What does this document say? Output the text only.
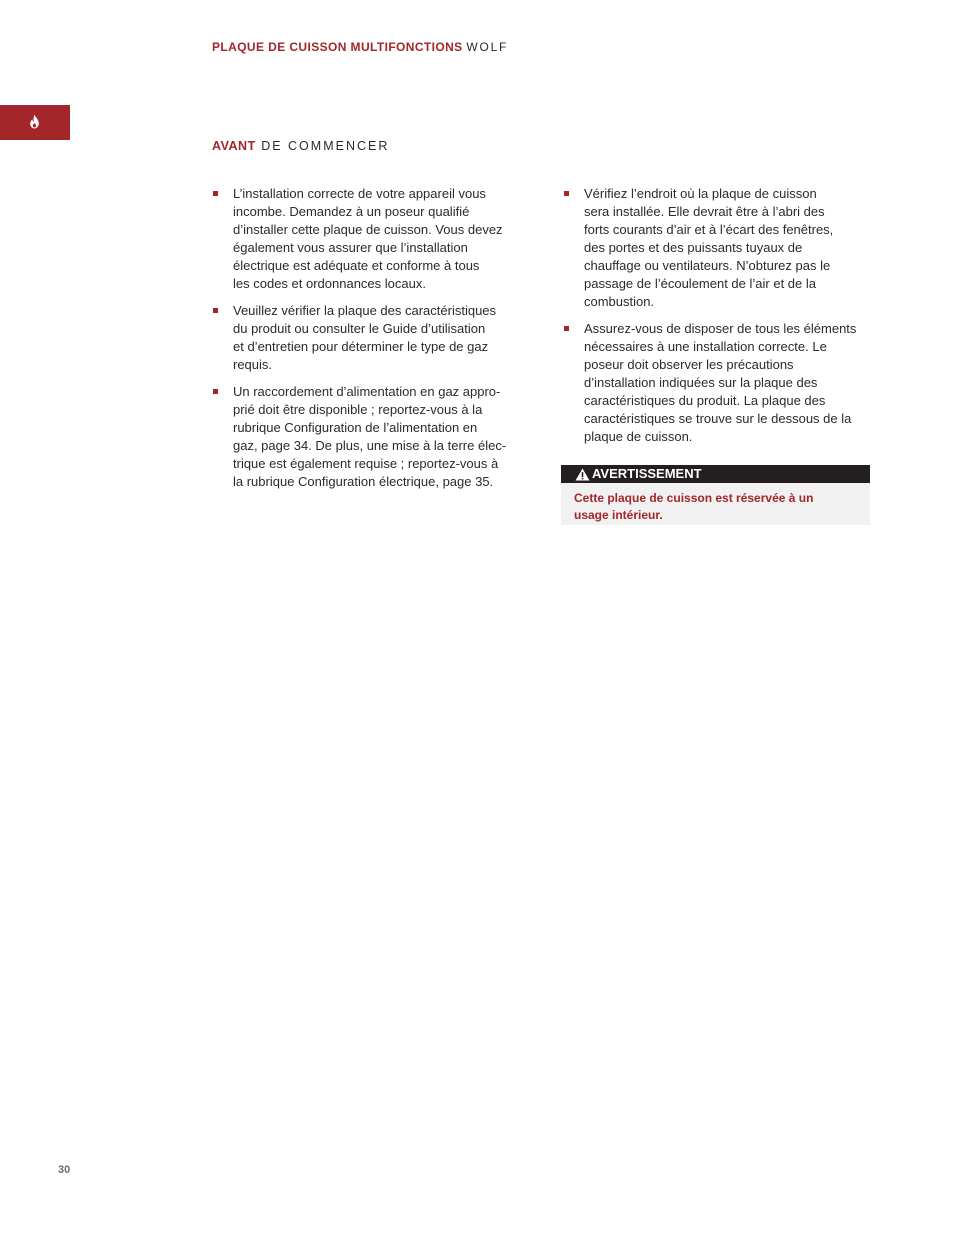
PLAQUE DE CUISSON MULTIFONCTIONS WOLF
AVANT DE COMMENCER
L’installation correcte de votre appareil vous
incombe. Demandez à un poseur qualifié
d’installer cette plaque de cuisson. Vous devez
également vous assurer que l’installation
électrique est adéquate et conforme à tous
les codes et ordonnances locaux.
Veuillez vérifier la plaque des caractéristiques
du produit ou consulter le Guide d’utilisation
et d’entretien pour déterminer le type de gaz
requis.
Un raccordement d’alimentation en gaz appro-
prié doit être disponible ; reportez-vous à la
rubrique Configuration de l’alimentation en
gaz, page 34. De plus, une mise à la terre élec-
trique est également requise ; reportez-vous à
la rubrique Configuration électrique, page 35.
Vérifiez l’endroit où la plaque de cuisson
sera installée. Elle devrait être à l’abri des
forts courants d’air et à l’écart des fenêtres,
des portes et des puissants tuyaux de
chauffage ou ventilateurs. N’obturez pas le
passage de l’écoulement de l’air et de la
combustion.
Assurez-vous de disposer de tous les éléments
nécessaires à une installation correcte. Le
poseur doit observer les précautions
d’installation indiquées sur la plaque des
caractéristiques du produit. La plaque des
caractéristiques se trouve sur le dessous de la
plaque de cuisson.
AVERTISSEMENT
Cette plaque de cuisson est réservée à un
usage intérieur.
30
